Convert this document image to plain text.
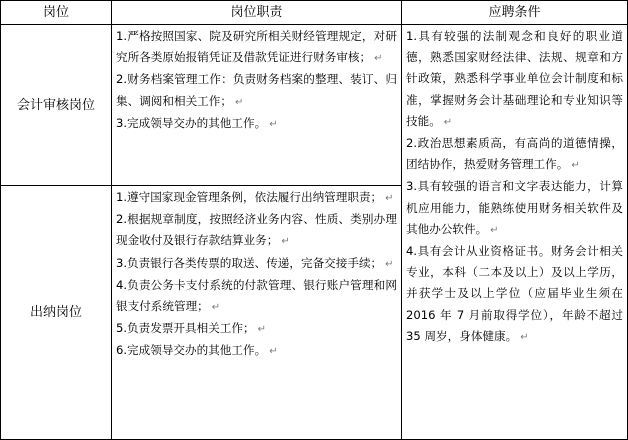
岗位	岗位职责	应聘条件
会计审核岗位

1.严格按照国家、院及研究所相关财经管理规定，对研究所各类原始报销凭证及借款凭证进行财务审核； ↵

2.财务档案管理工作：负责财务档案的整理、装订、归集、调阅和相关工作； ↵

3.完成领导交办的其他工作。 ↵

出纳岗位

1.遵守国家现金管理条例，依法履行出纳管理职责； ↵

2.根据规章制度，按照经济业务内容、性质、类别办理现金收付及银行存款结算业务； ↵

3.负责银行各类传票的取送、传递，完备交接手续； ↵

4.负责公务卡支付系统的付款管理、银行账户管理和网银支付系统管理； ↵

5.负责发票开具相关工作； ↵

6.完成领导交办的其他工作。 ↵

1.具有较强的法制观念和良好的职业道德，熟悉国家财经法律、法规、规章和方针政策，熟悉科学事业单位会计制度和标准，掌握财务会计基础理论和专业知识等技能。 ↵

2.政治思想素质高，有高尚的道德情操，团结协作，热爱财务管理工作。 ↵

3.具有较强的语言和文字表达能力，计算机应用能力，能熟练使用财务相关软件及其他办公软件。 ↵

4.具有会计从业资格证书。财务会计相关专业，本科（二本及以上）及以上学历，并获学士及以上学位（应届毕业生须在 2016 年 7 月前取得学位），年龄不超过 35 周岁，身体健康。 ↵
